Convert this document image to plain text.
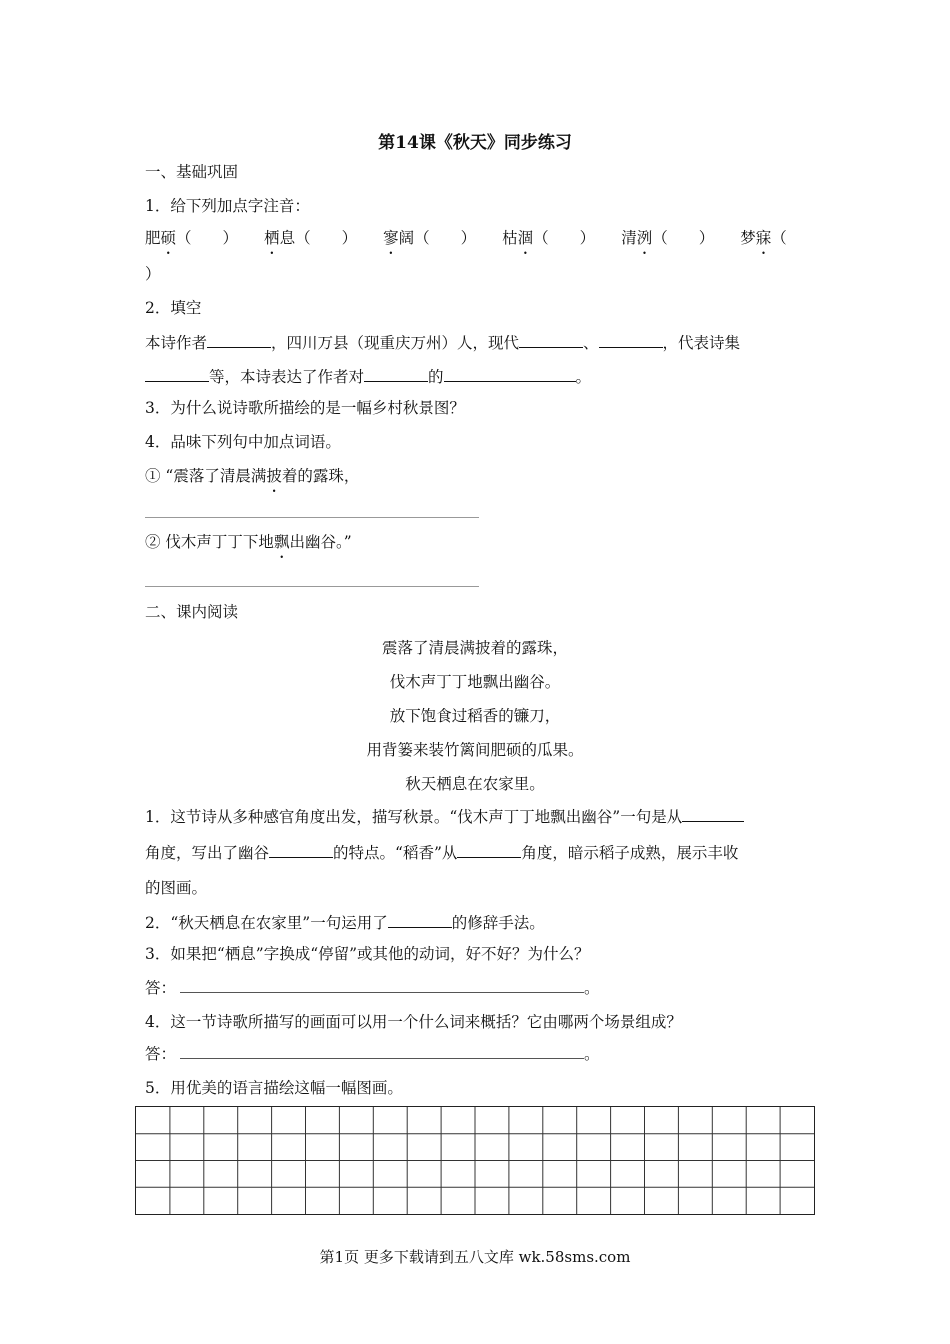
第14课《秋天》同步练习
一、基础巩固
1．给下列加点字注音：
肥硕（　　） 栖息（　　） 寥阔（　　） 枯涸（　　） 清洌（　　） 梦寐（
）
2．填空
本诗作者	，四川万县（现重庆万州）人，现代	、	，代表诗集
等，本诗表达了作者对	的	。
3．为什么说诗歌所描绘的是一幅乡村秋景图？
4．品味下列句中加点词语。
① “震落了清晨满披着的露珠，
② 伐木声丁丁下地飘出幽谷。”
二、课内阅读
震落了清晨满披着的露珠，
伐木声丁丁地飘出幽谷。
放下饱食过稻香的镰刀，
用背篓来装竹篱间肥硕的瓜果。
秋天栖息在农家里。
1．这节诗从多种感官角度出发，描写秋景。“伐木声丁丁地飘出幽谷”一句是从
角度，写出了幽谷	的特点。“稻香”从	角度，暗示稻子成熟，展示丰收
的图画。
2．“秋天栖息在农家里”一句运用了	的修辞手法。
3．如果把“栖息”字换成“停留”或其他的动词，好不好？为什么？
答：	。
4．这一节诗歌所描写的画面可以用一个什么词来概括？它由哪两个场景组成？
答：	。
5．用优美的语言描绘这幅一幅图画。
第1页 更多下载请到五八文库 wk.58sms.com
